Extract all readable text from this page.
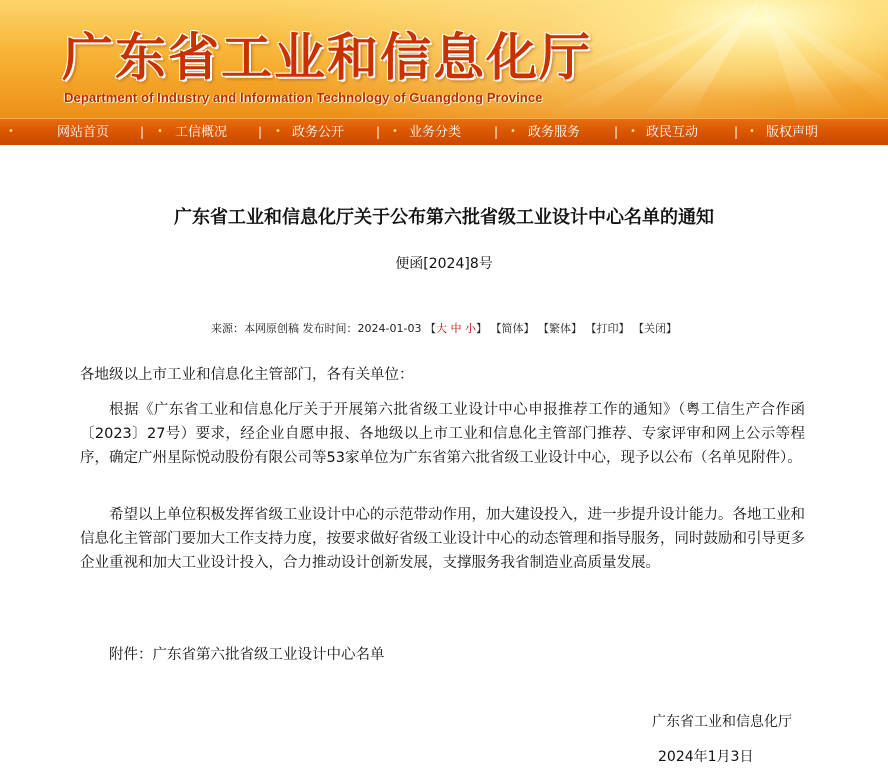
广东省工业和信息化厅
Department of Industry and Information Technology of Guangdong Province
•	网站首页	| • 工信概况	| • 政务公开	| • 业务分类	| • 政务服务	| • 政民互动	| • 版权声明
广东省工业和信息化厅关于公布第六批省级工业设计中心名单的通知
便函[2024]8号
来源：本网原创稿 发布时间：2024-01-03 【大 中 小】 【简体】 【繁体】 【打印】 【关闭】
各地级以上市工业和信息化主管部门，各有关单位：
根据《广东省工业和信息化厅关于开展第六批省级工业设计中心申报推荐工作的通知》（粤工信生产合作函〔2023〕27号）要求，经企业自愿申报、各地级以上市工业和信息化主管部门推荐、专家评审和网上公示等程序，确定广州星际悦动股份有限公司等53家单位为广东省第六批省级工业设计中心，现予以公布（名单见附件）。
希望以上单位积极发挥省级工业设计中心的示范带动作用，加大建设投入，进一步提升设计能力。各地工业和信息化主管部门要加大工作支持力度，按要求做好省级工业设计中心的动态管理和指导服务，同时鼓励和引导更多企业重视和加大工业设计投入，合力推动设计创新发展，支撑服务我省制造业高质量发展。
附件：广东省第六批省级工业设计中心名单
广东省工业和信息化厅
2024年1月3日
